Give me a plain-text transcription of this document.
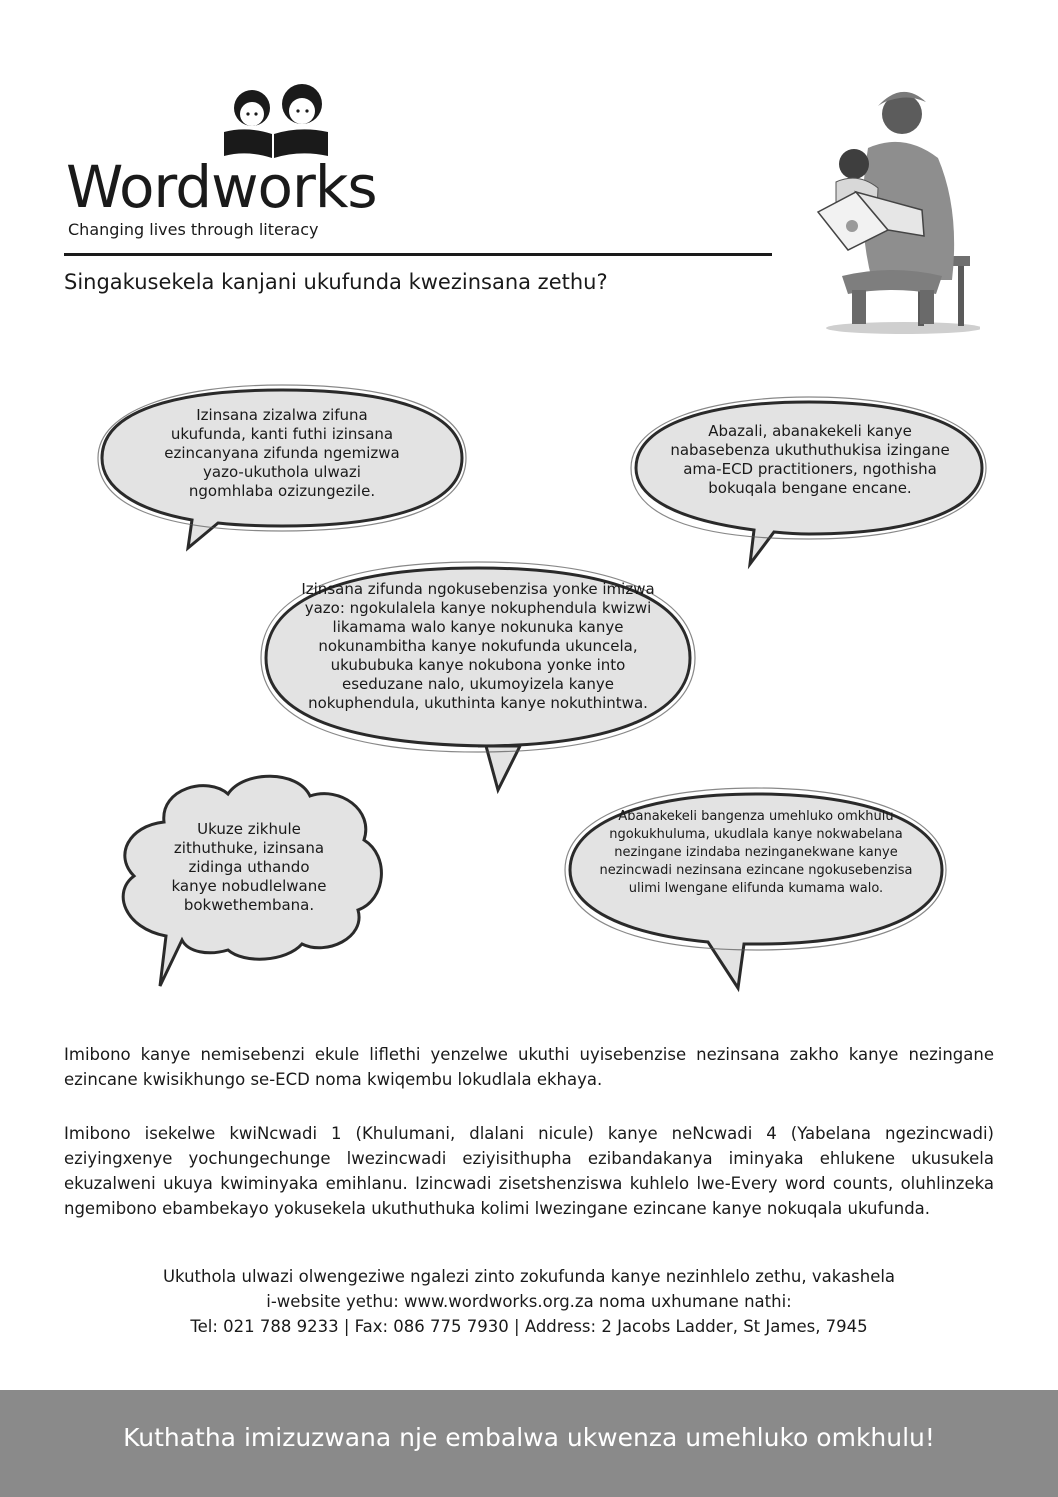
Wordworks
Changing lives through literacy
Singakusekela kanjani ukufunda kwezinsana zethu?
Izinsana zizalwa zifuna ukufunda, kanti futhi izinsana ezincanyana zifunda ngemizwa yazo-ukuthola ulwazi ngomhlaba ozizungezile.
Abazali, abanakekeli kanye nabasebenza ukuthuthukisa izingane ama-ECD practitioners, ngothisha bokuqala bengane encane.
Izinsana zifunda ngokusebenzisa yonke imizwa yazo: ngokulalela kanye nokuphendula kwizwi likamama walo kanye nokunuka kanye nokunambitha kanye nokufunda ukuncela, ukububuka kanye nokubona yonke into eseduzane nalo, ukumoyizela kanye nokuphendula, ukuthinta kanye nokuthintwa.
Ukuze zikhule zithuthuke, izinsana zidinga uthando kanye nobudlelwane bokwethembana.
Abanakekeli bangenza umehluko omkhulu ngokukhuluma, ukudlala kanye nokwabelana nezingane izindaba nezinganekwane kanye nezincwadi nezinsana ezincane ngokusebenzisa ulimi lwengane elifunda kumama walo.
Imibono kanye nemisebenzi ekule liflethi yenzelwe ukuthi uyisebenzise nezinsana zakho kanye nezingane ezincane kwisikhungo se-ECD noma kwiqembu lokudlala ekhaya.
Imibono isekelwe kwiNcwadi 1 (Khulumani, dlalani nicule) kanye neNcwadi 4 (Yabelana ngezincwadi) eziyingxenye yochungechunge lwezincwadi eziyisithupha ezibandakanya iminyaka ehlukene ukusukela ekuzalweni ukuya kwiminyaka emihlanu. Izincwadi zisetshenziswa kuhlelo lwe-Every word counts, oluhlinzeka ngemibono ebambekayo yokusekela ukuthuthuka kolimi lwezingane ezincane kanye nokuqala ukufunda.
Ukuthola ulwazi olwengeziwe ngalezi zinto zokufunda kanye nezinhlelo zethu, vakashela
i-website yethu: www.wordworks.org.za noma uxhumane nathi:
Tel: 021 788 9233 | Fax: 086 775 7930 | Address: 2 Jacobs Ladder, St James, 7945
Kuthatha imizuzwana nje embalwa ukwenza umehluko omkhulu!
